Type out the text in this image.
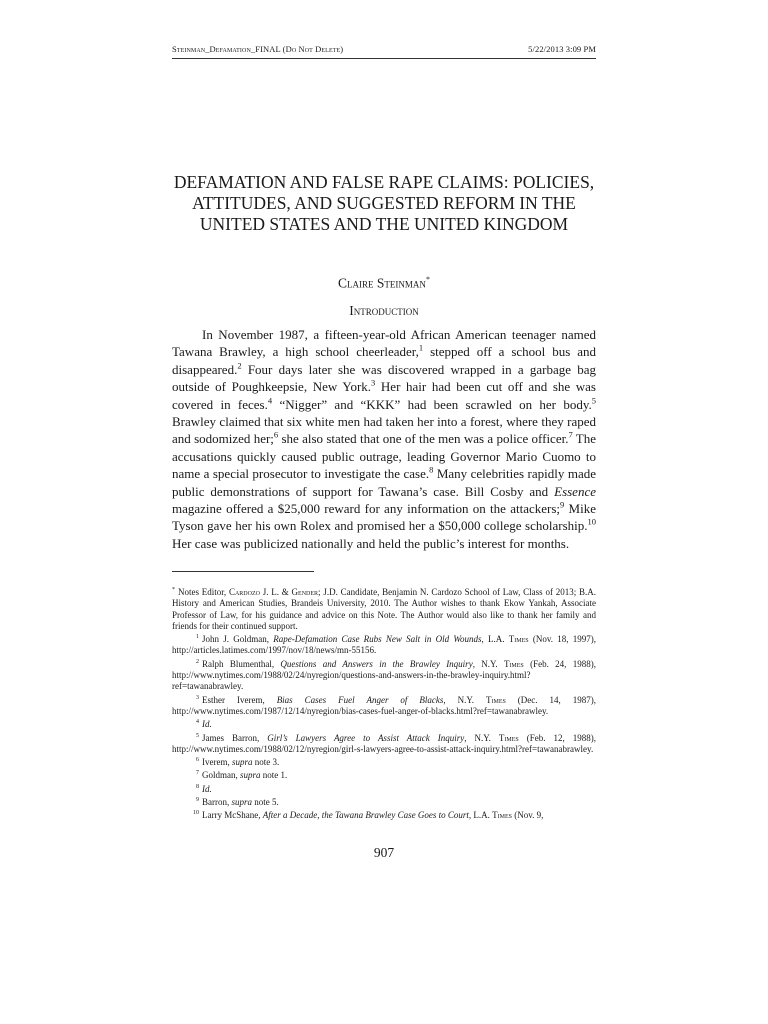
Steinman_Defamation_FINAL (Do Not Delete)	5/22/2013 3:09 PM
DEFAMATION AND FALSE RAPE CLAIMS: POLICIES, ATTITUDES, AND SUGGESTED REFORM IN THE UNITED STATES AND THE UNITED KINGDOM
Claire Steinman*
Introduction

In November 1987, a fifteen-year-old African American teenager named Tawana Brawley, a high school cheerleader,$^1$ stepped off a school bus and disappeared.$^2$ Four days later she was discovered wrapped in a garbage bag outside of Poughkeepsie, New York.$^3$ Her hair had been cut off and she was covered in feces.$^4$ “Nigger” and “KKK” had been scrawled on her body.$^5$ Brawley claimed that six white men had taken her into a forest, where they raped and sodomized her;$^6$ she also stated that one of the men was a police officer.$^7$ The accusations quickly caused public outrage, leading Governor Mario Cuomo to name a special prosecutor to investigate the case.$^8$ Many celebrities rapidly made public demonstrations of support for Tawana’s case. Bill Cosby and Essence magazine offered a $25,000 reward for any information on the attackers;$^9$ Mike Tyson gave her his own Rolex and promised her a $50,000 college scholarship.$^{10}$ Her case was publicized nationally and held the public’s interest for months.

* Notes Editor, Cardozo J. L. & Gender; J.D. Candidate, Benjamin N. Cardozo School of Law, Class of 2013; B.A. History and American Studies, Brandeis University, 2010. The Author wishes to thank Ekow Yankah, Associate Professor of Law, for his guidance and advice on this Note. The Author would also like to thank her family and friends for their continued support.

$^1$ John J. Goldman, Rape-Defamation Case Rubs New Salt in Old Wounds, L.A. Times (Nov. 18, 1997), http://articles.latimes.com/1997/nov/18/news/mn-55156.

$^2$ Ralph Blumenthal, Questions and Answers in the Brawley Inquiry, N.Y. Times (Feb. 24, 1988), http://www.nytimes.com/1988/02/24/nyregion/questions-and-answers-in-the-brawley-inquiry.html?ref=tawanabrawley.

$^3$ Esther Iverem, Bias Cases Fuel Anger of Blacks, N.Y. Times (Dec. 14, 1987), http://www.nytimes.com/1987/12/14/nyregion/bias-cases-fuel-anger-of-blacks.html?ref=tawanabrawley.

$^4$ Id.

$^5$ James Barron, Girl’s Lawyers Agree to Assist Attack Inquiry, N.Y. Times (Feb. 12, 1988), http://www.nytimes.com/1988/02/12/nyregion/girl-s-lawyers-agree-to-assist-attack-inquiry.html?ref=tawanabrawley.

$^6$ Iverem, supra note 3.

$^7$ Goldman, supra note 1.

$^8$ Id.

$^9$ Barron, supra note 5.

$^{10}$ Larry McShane, After a Decade, the Tawana Brawley Case Goes to Court, L.A. Times (Nov. 9,

907
